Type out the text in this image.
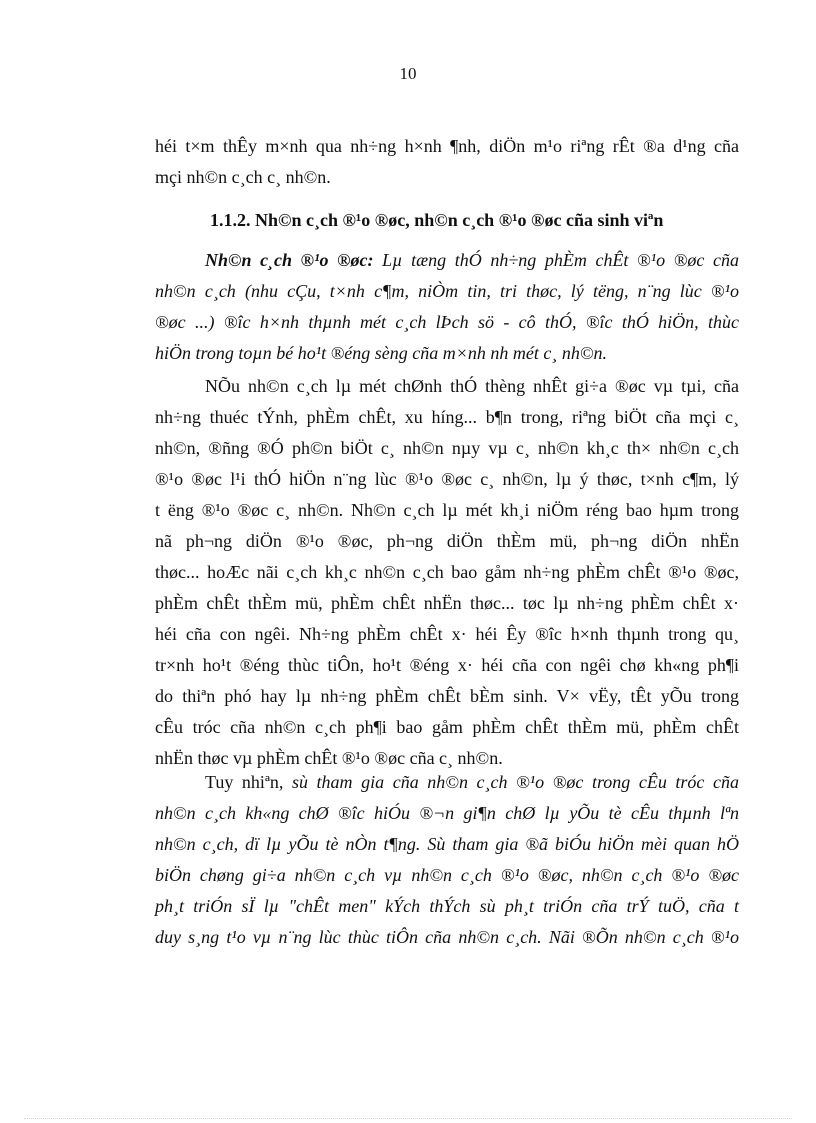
10
héi t×m thÊy m×nh qua nh÷ng h×nh ¶nh, diÖn m¹o riªng rÊt ®a d¹ng cña
mçi nh©n c¸ch c¸ nh©n.
1.1.2. Nh©n c¸ch ®¹o ®øc, nh©n c¸ch ®¹o ®øc cña sinh viªn
Nh©n c¸ch ®¹o ®øc: Lµ tæng thÓ nh÷ng phÈm chÊt ®¹o ®øc cña
nh©n c¸ch (nhu cÇu, t×nh c¶m, niÒm tin, tri thøc, lý tëng, n¨ng lùc ®¹o
®øc ...) ®îc h×nh thµnh mét c¸ch lÞch sö - cô thÓ, ®îc thÓ hiÖn, thùc
hiÖn trong toµn bé ho¹t ®éng sèng cña m×nh nh mét c¸ nh©n.
NÕu nh©n c¸ch lµ mét chØnh thÓ thèng nhÊt gi÷a ®øc vµ tµi, cña
nh÷ng thuéc tÝnh, phÈm chÊt, xu híng... b¶n trong, riªng biÖt cña mçi c¸
nh©n, ®ñng ®Ó ph©n biÖt c¸ nh©n nµy vµ c¸ nh©n kh¸c th× nh©n c¸ch
®¹o ®øc l¹i thÓ hiÖn n¨ng lùc ®¹o ®øc c¸ nh©n, lµ ý thøc, t×nh c¶m, lý
t ëng ®¹o ®øc c¸ nh©n. Nh©n c¸ch lµ mét kh¸i niÖm réng bao hµm trong
nã ph¬ng diÖn ®¹o ®øc, ph¬ng diÖn thÈm mü, ph¬ng diÖn nhËn
thøc... hoÆc nãi c¸ch kh¸c nh©n c¸ch bao gåm nh÷ng phÈm chÊt ®¹o ®øc,
phÈm chÊt thÈm mü, phÈm chÊt nhËn thøc... tøc lµ nh÷ng phÈm chÊt x·
héi cña con ngêi. Nh÷ng phÈm chÊt x· héi Êy ®îc h×nh thµnh trong qu¸
tr×nh ho¹t ®éng thùc tiÔn, ho¹t ®éng x· héi cña con ngêi chø kh«ng ph¶i
do thiªn phó hay lµ nh÷ng phÈm chÊt bÈm sinh. V× vËy, tÊt yÕu trong
cÊu tróc cña nh©n c¸ch ph¶i bao gåm phÈm chÊt thÈm mü, phÈm chÊt
nhËn thøc vµ phÈm chÊt ®¹o ®øc cña c¸ nh©n.
Tuy nhiªn, sù tham gia cña nh©n c¸ch ®¹o ®øc trong cÊu tróc cña
nh©n c¸ch kh«ng chØ ®îc hiÓu ®¬n gi¶n chØ lµ yÕu tè cÊu thµnh lªn
nh©n c¸ch, dï lµ yÕu tè nÒn t¶ng. Sù tham gia ®ã biÓu hiÖn mèi quan hÖ
biÖn chøng gi÷a nh©n c¸ch vµ nh©n c¸ch ®¹o ®øc, nh©n c¸ch ®¹o ®øc
ph¸t triÓn sÏ lµ "chÊt men" kÝch thÝch sù ph¸t triÓn cña trÝ tuÖ, cña t
duy s¸ng t¹o vµ n¨ng lùc thùc tiÔn cña nh©n c¸ch. Nãi ®Õn nh©n c¸ch ®¹o
